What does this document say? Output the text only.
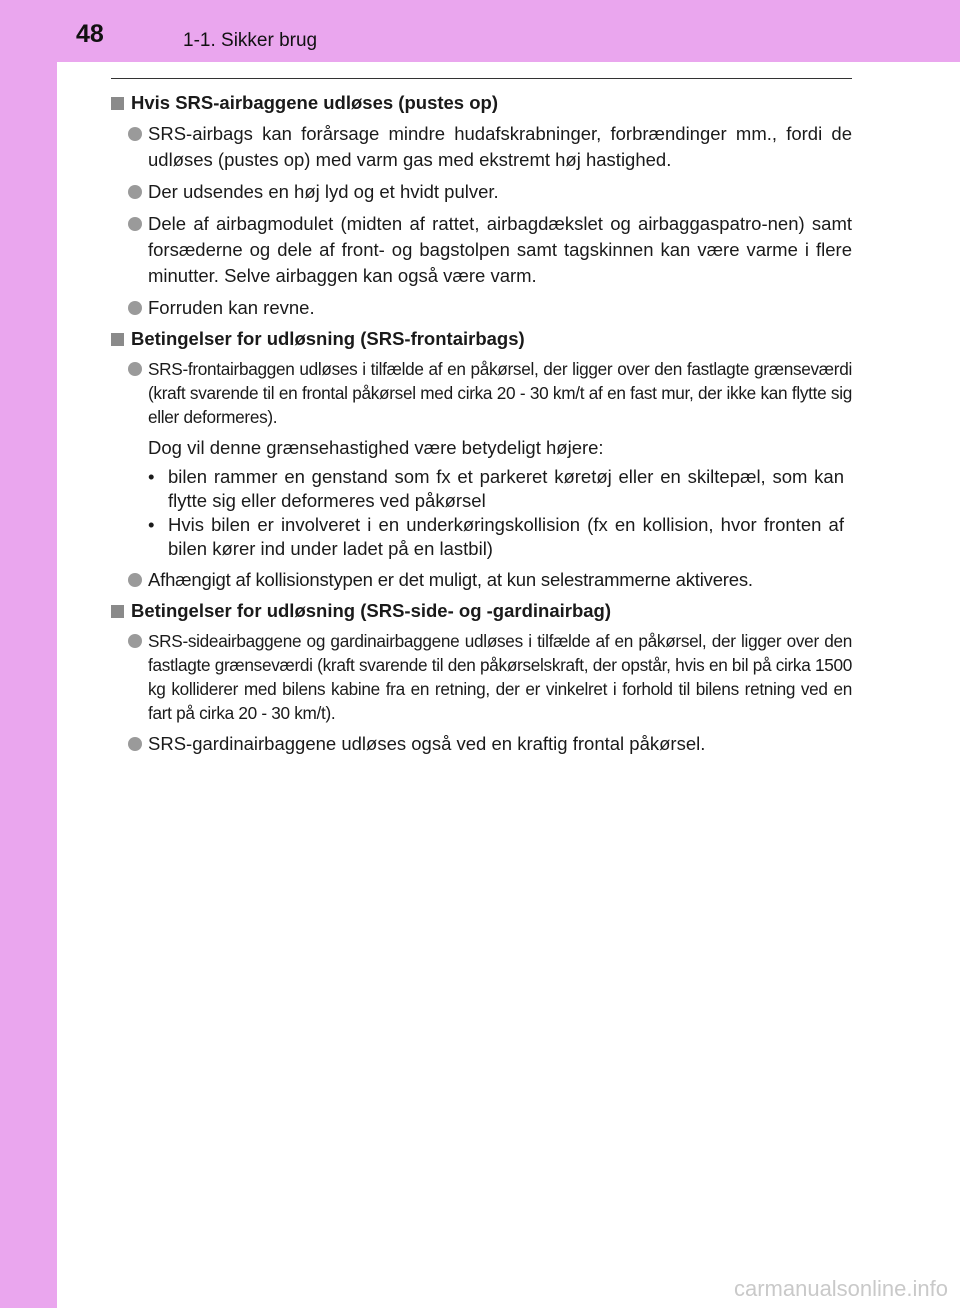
48	1-1. Sikker brug
Hvis SRS-airbaggene udløses (pustes op)
SRS-airbags kan forårsage mindre hudafskrabninger, forbrændinger mm., fordi de udløses (pustes op) med varm gas med ekstremt høj hastighed.
Der udsendes en høj lyd og et hvidt pulver.
Dele af airbagmodulet (midten af rattet, airbagdækslet og airbaggaspatro-nen) samt forsæderne og dele af front- og bagstolpen samt tagskinnen kan være varme i flere minutter. Selve airbaggen kan også være varm.
Forruden kan revne.
Betingelser for udløsning (SRS-frontairbags)
SRS-frontairbaggen udløses i tilfælde af en påkørsel, der ligger over den fastlagte grænseværdi (kraft svarende til en frontal påkørsel med cirka 20 - 30 km/t af en fast mur, der ikke kan flytte sig eller deformeres).
Dog vil denne grænsehastighed være betydeligt højere:
• bilen rammer en genstand som fx et parkeret køretøj eller en skiltepæl, som kan flytte sig eller deformeres ved påkørsel
• Hvis bilen er involveret i en underkøringskollision (fx en kollision, hvor fronten af bilen kører ind under ladet på en lastbil)
Afhængigt af kollisionstypen er det muligt, at kun selestrammerne aktiveres.
Betingelser for udløsning (SRS-side- og -gardinairbag)
SRS-sideairbaggene og gardinairbaggene udløses i tilfælde af en påkørsel, der ligger over den fastlagte grænseværdi (kraft svarende til den påkørselskraft, der opstår, hvis en bil på cirka 1500 kg kolliderer med bilens kabine fra en retning, der er vinkelret i forhold til bilens retning ved en fart på cirka 20 - 30 km/t).
SRS-gardinairbaggene udløses også ved en kraftig frontal påkørsel.
carmanualsonline.info
